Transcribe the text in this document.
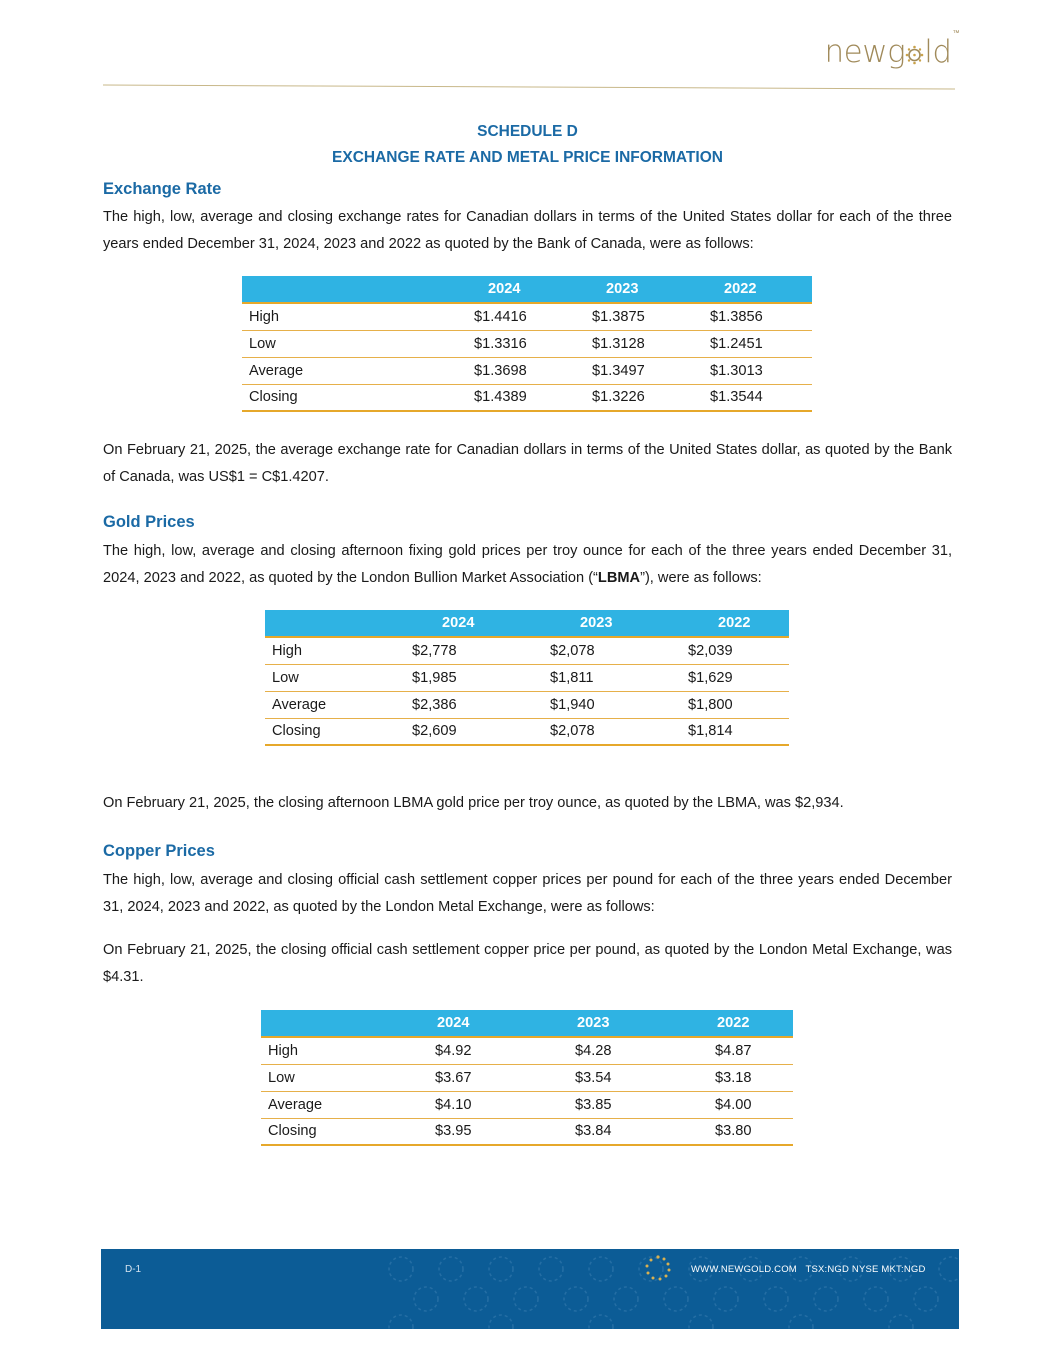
newg ld™
SCHEDULE D
EXCHANGE RATE AND METAL PRICE INFORMATION
Exchange Rate
The high, low, average and closing exchange rates for Canadian dollars in terms of the United States dollar for each of the three years ended December 31, 2024, 2023 and 2022 as quoted by the Bank of Canada, were as follows:
	2024	2023	2022
High	$1.4416	$1.3875	$1.3856
Low	$1.3316	$1.3128	$1.2451
Average	$1.3698	$1.3497	$1.3013
Closing	$1.4389	$1.3226	$1.3544
On February 21, 2025, the average exchange rate for Canadian dollars in terms of the United States dollar, as quoted by the Bank of Canada, was US$1 = C$1.4207.
Gold Prices
The high, low, average and closing afternoon fixing gold prices per troy ounce for each of the three years ended December 31, 2024, 2023 and 2022, as quoted by the London Bullion Market Association (“LBMA”), were as follows:
	2024	2023	2022
High	$2,778	$2,078	$2,039
Low	$1,985	$1,811	$1,629
Average	$2,386	$1,940	$1,800
Closing	$2,609	$2,078	$1,814
On February 21, 2025, the closing afternoon LBMA gold price per troy ounce, as quoted by the LBMA, was $2,934.
Copper Prices
The high, low, average and closing official cash settlement copper prices per pound for each of the three years ended December 31, 2024, 2023 and 2022, as quoted by the London Metal Exchange, were as follows:
On February 21, 2025, the closing official cash settlement copper price per pound, as quoted by the London Metal Exchange, was $4.31.
	2024	2023	2022
High	$4.92	$4.28	$4.87
Low	$3.67	$3.54	$3.18
Average	$4.10	$3.85	$4.00
Closing	$3.95	$3.84	$3.80
D-1	WWW.NEWGOLD.COM TSX:NGD NYSE MKT:NGD
